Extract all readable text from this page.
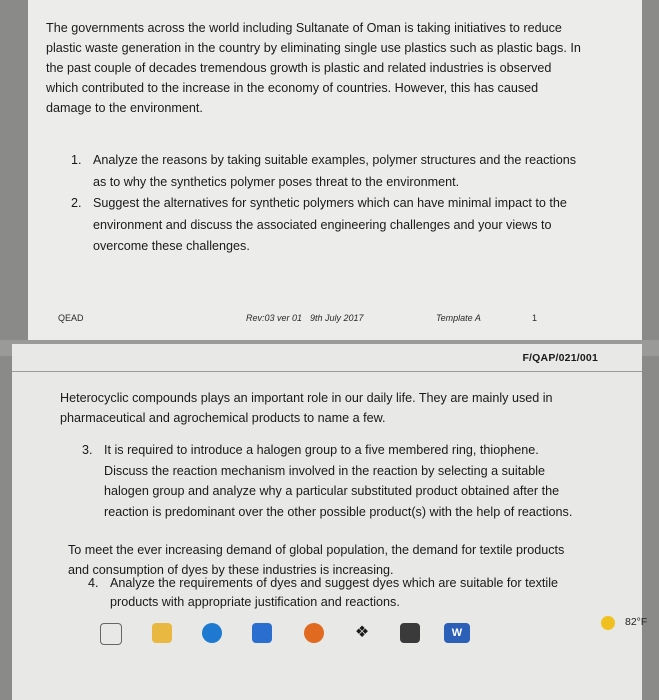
The governments across the world including Sultanate of Oman is taking initiatives to reduce plastic waste generation in the country by eliminating single use plastics such as plastic bags. In the past couple of decades tremendous growth is plastic and related industries is observed which contributed to the increase in the economy of countries. However, this has caused damage to the environment.
1. Analyze the reasons by taking suitable examples, polymer structures and the reactions as to why the synthetics polymer poses threat to the environment.
2. Suggest the alternatives for synthetic polymers which can have minimal impact to the environment and discuss the associated engineering challenges and your views to overcome these challenges.
QEAD	Rev:03 ver 01 9th July 2017	Template A	1
F/QAP/021/001
Heterocyclic compounds plays an important role in our daily life. They are mainly used in pharmaceutical and agrochemical products to name a few.
3. It is required to introduce a halogen group to a five membered ring, thiophene. Discuss the reaction mechanism involved in the reaction by selecting a suitable halogen group and analyze why a particular substituted product obtained after the reaction is predominant over the other possible product(s) with the help of reactions.
To meet the ever increasing demand of global population, the demand for textile products and consumption of dyes by these industries is increasing.
4. Analyze the requirements of dyes and suggest dyes which are suitable for textile products with appropriate justification and reactions.
❖	W
82°F
